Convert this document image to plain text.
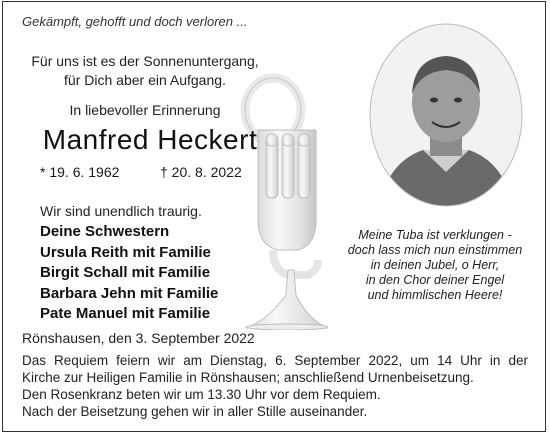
Gekämpft, gehofft und doch verloren ...
Für uns ist es der Sonnenuntergang,
für Dich aber ein Aufgang.
In liebevoller Erinnerung
Manfred Heckert
* 19. 6. 1962	† 20. 8. 2022
Wir sind unendlich traurig.
Deine Schwestern
Ursula Reith mit Familie
Birgit Schall mit Familie
Barbara Jehn mit Familie
Pate Manuel mit Familie
Meine Tuba ist verklungen -
doch lass mich nun einstimmen
in deinen Jubel, o Herr,
in den Chor deiner Engel
und himmlischen Heere!
Rönshausen, den 3. September 2022
Das Requiem feiern wir am Dienstag, 6. September 2022, um 14 Uhr in der
Kirche zur Heiligen Familie in Rönshausen; anschließend Urnenbeisetzung.
Den Rosenkranz beten wir um 13.30 Uhr vor dem Requiem.
Nach der Beisetzung gehen wir in aller Stille auseinander.
